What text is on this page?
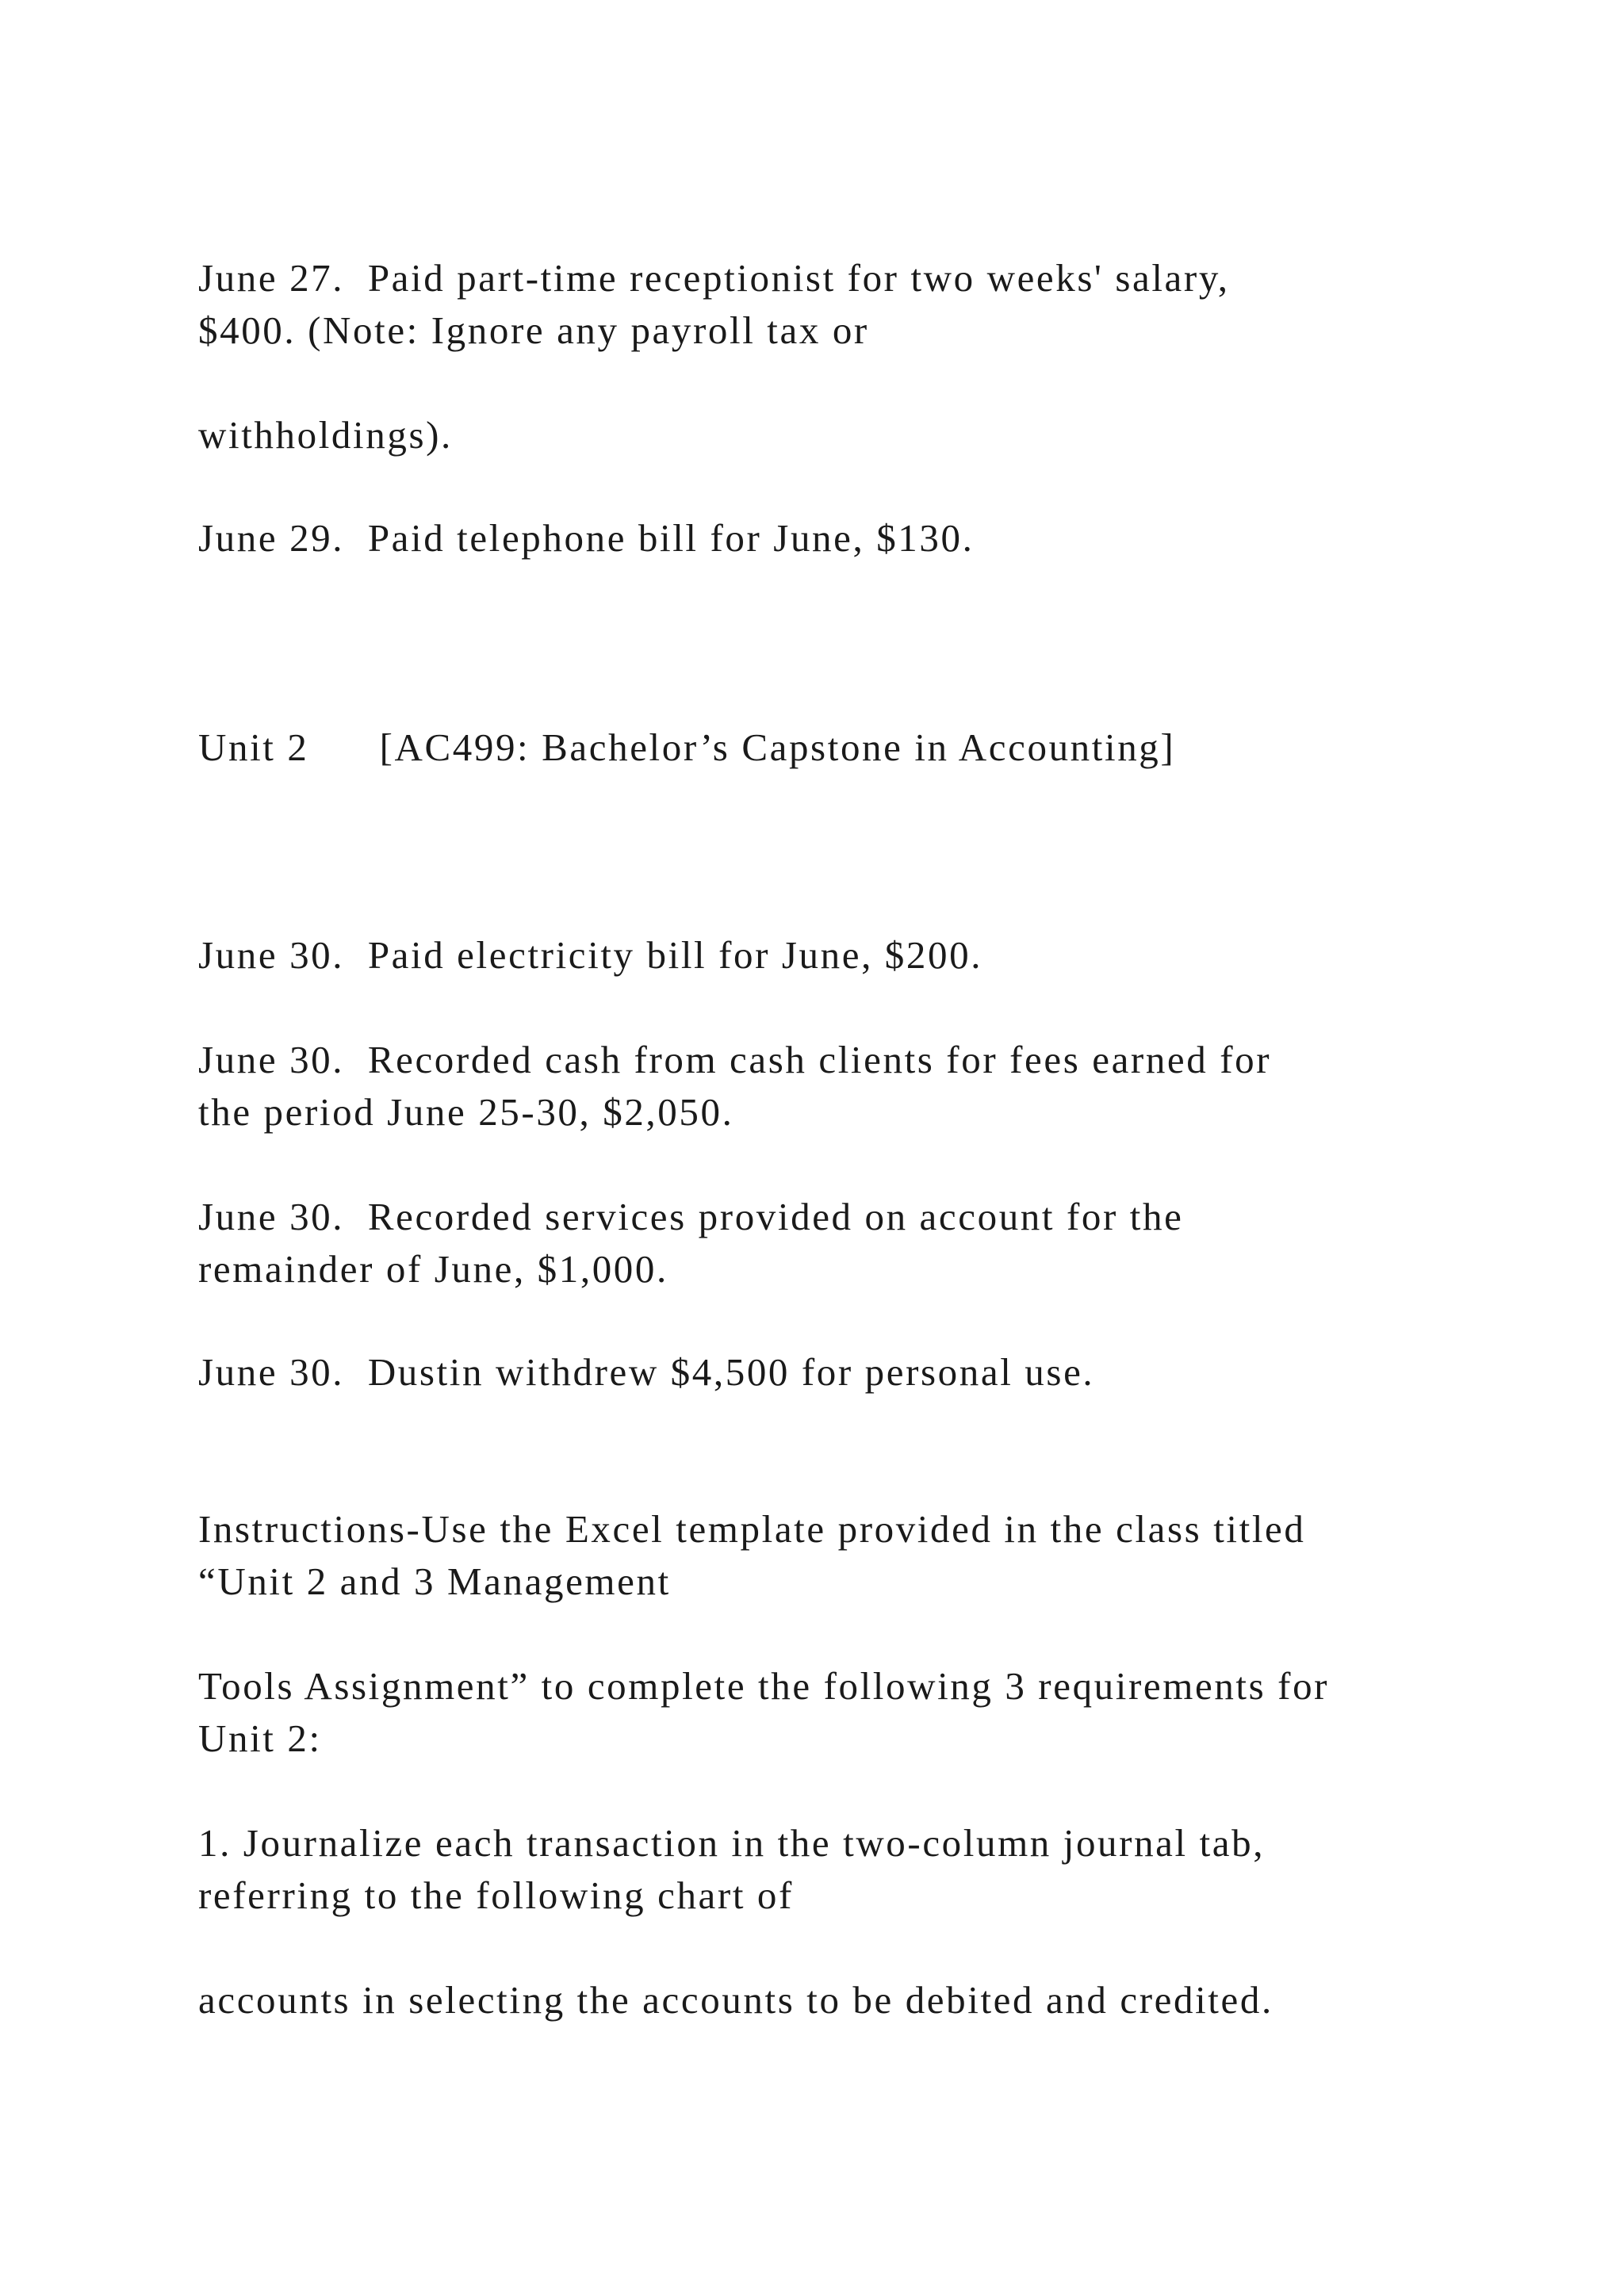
June 27.  Paid part-time receptionist for two weeks' salary,

$400. (Note: Ignore any payroll tax or

withholdings).

June 29.  Paid telephone bill for June, $130.

Unit 2      [AC499: Bachelor’s Capstone in Accounting]

June 30.  Paid electricity bill for June, $200.

June 30.  Recorded cash from cash clients for fees earned for

the period June 25-30, $2,050.

June 30.  Recorded services provided on account for the

remainder of June, $1,000.

June 30.  Dustin withdrew $4,500 for personal use.

Instructions-Use the Excel template provided in the class titled

“Unit 2 and 3 Management

Tools Assignment” to complete the following 3 requirements for

Unit 2:

1. Journalize each transaction in the two-column journal tab,

referring to the following chart of

accounts in selecting the accounts to be debited and credited.
